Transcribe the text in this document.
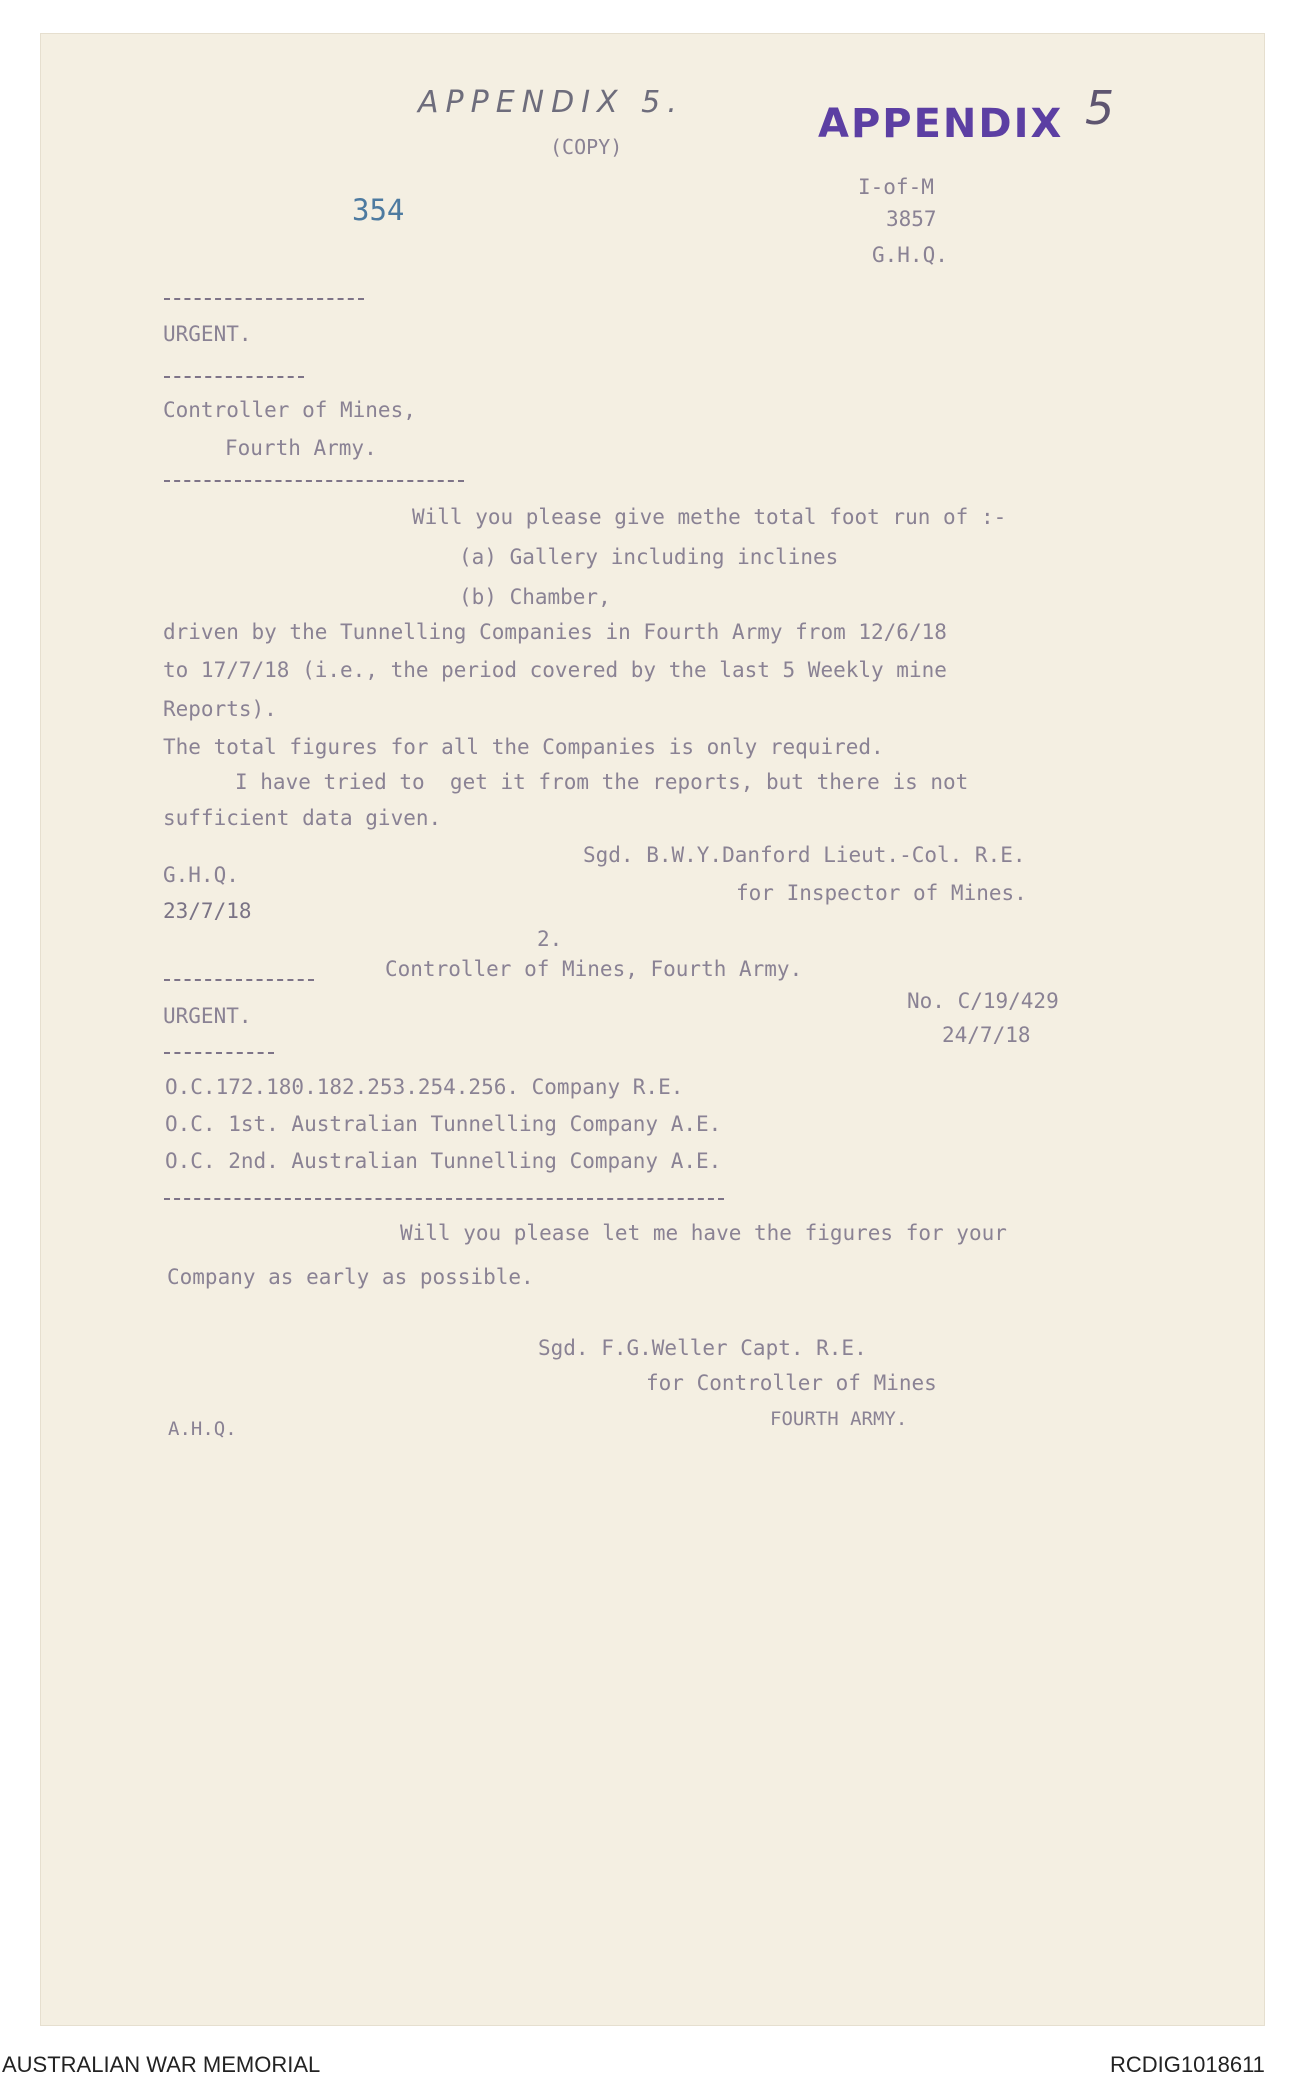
APPENDIX 5.
(COPY)	APPENDIX 5
354
I-of-M
3857
G.H.Q.
URGENT.
Controller of Mines,
Fourth Army.
Will you please give methe total foot run of :-
(a) Gallery including inclines
(b) Chamber,
driven by the Tunnelling Companies in Fourth Army from 12/6/18
to 17/7/18 (i.e., the period covered by the last 5 Weekly mine
Reports).
The total figures for all the Companies is only required.
I have tried to  get it from the reports, but there is not
sufficient data given.
Sgd. B.W.Y.Danford Lieut.-Col. R.E.
for Inspector of Mines.
G.H.Q.
23/7/18
2.
Controller of Mines, Fourth Army.
No. C/19/429
24/7/18
URGENT.
O.C.172.180.182.253.254.256. Company R.E.
O.C. 1st. Australian Tunnelling Company A.E.
O.C. 2nd. Australian Tunnelling Company A.E.
Will you please let me have the figures for your
Company as early as possible.
Sgd. F.G.Weller Capt. R.E.
for Controller of Mines
FOURTH ARMY.
A.H.Q.
AUSTRALIAN WAR MEMORIAL	RCDIG1018611
